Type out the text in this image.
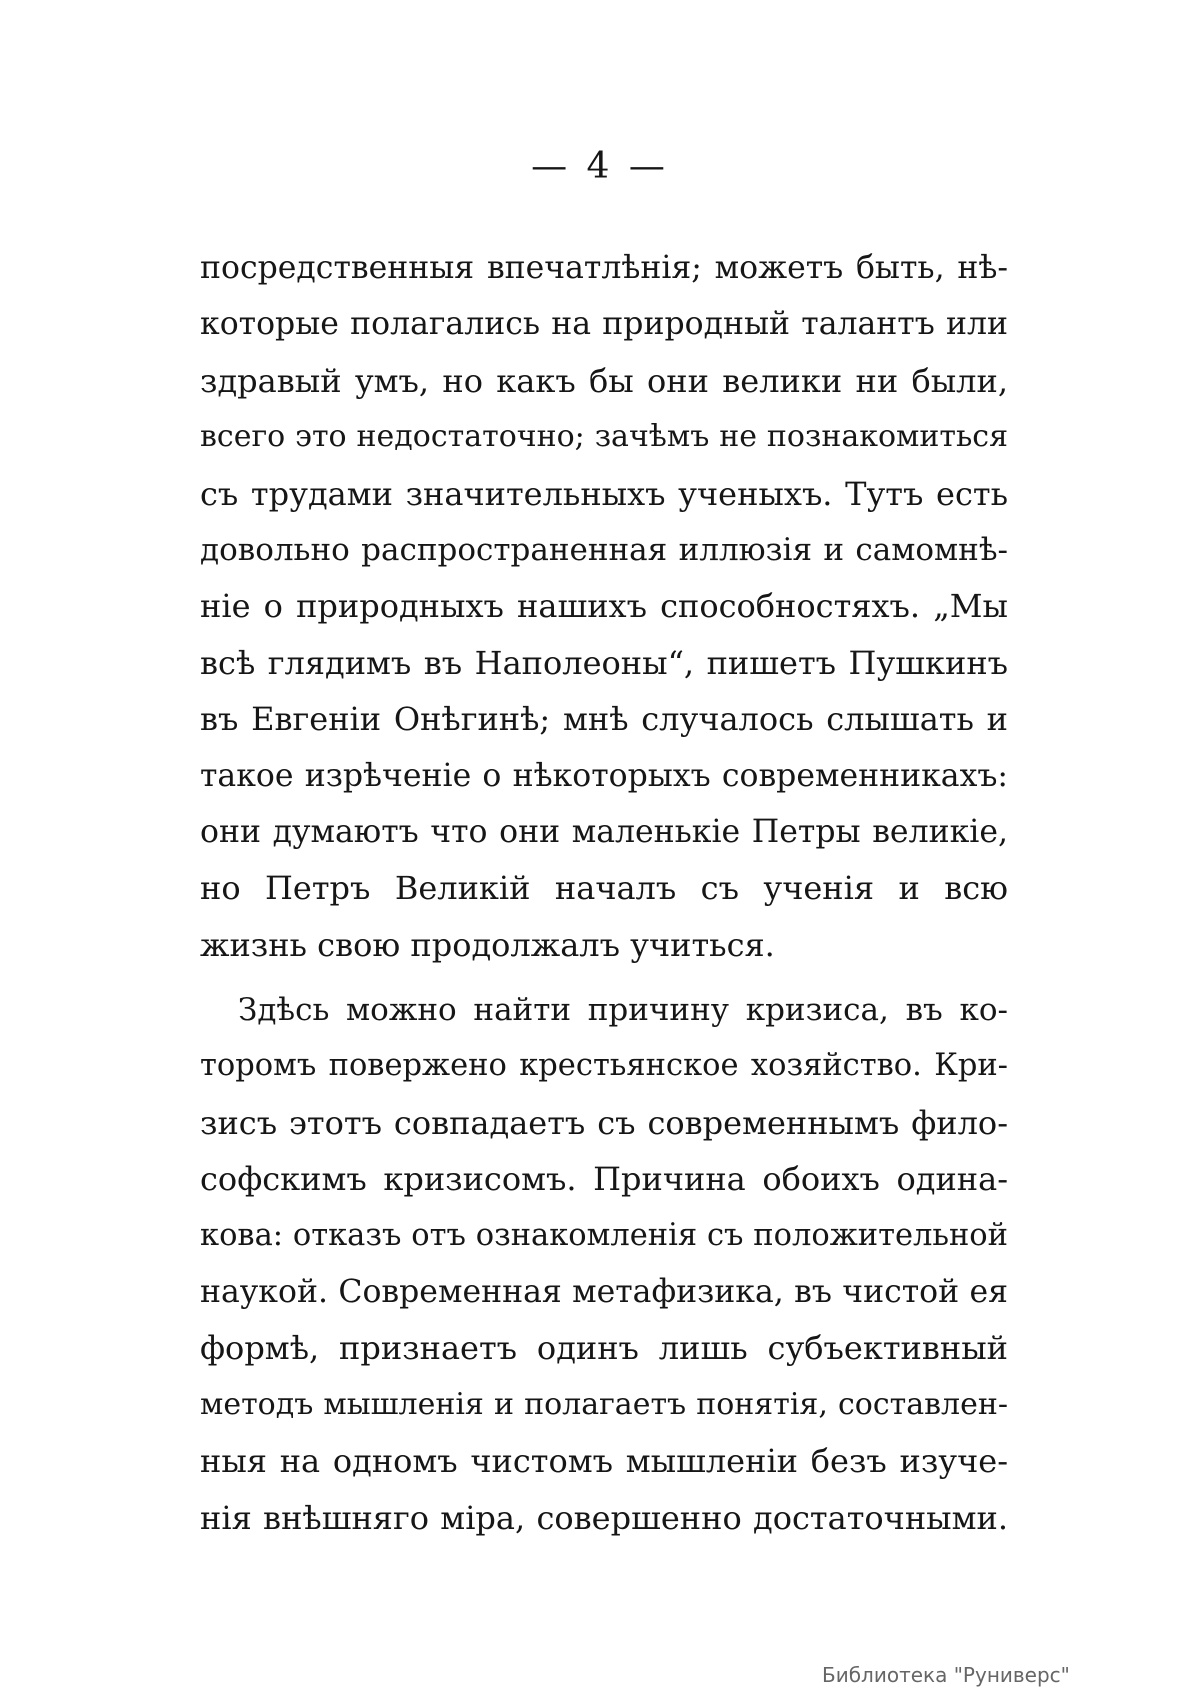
— 4 —
посредственныя впечатлѣнія; можетъ быть, нѣ-
которые полагались на природный талантъ или
здравый умъ, но какъ бы они велики ни были,
всего это недостаточно; зачѣмъ не познакомиться
съ трудами значительныхъ ученыхъ. Тутъ есть
довольно распространенная иллюзія и самомнѣ-
ніе о природныхъ нашихъ способностяхъ. „Мы
всѣ глядимъ въ Наполеоны“, пишетъ Пушкинъ
въ Евгеніи Онѣгинѣ; мнѣ случалось слышать и
такое изрѣченіе о нѣкоторыхъ современникахъ:
они думаютъ что они маленькіе Петры великіе,
но Петръ Великій началъ съ ученія и всю
жизнь свою продолжалъ учиться.
Здѣсь можно найти причину кризиса, въ ко-
торомъ повержено крестьянское хозяйство. Кри-
зисъ этотъ совпадаетъ съ современнымъ фило-
софскимъ кризисомъ. Причина обоихъ одина-
кова: отказъ отъ ознакомленія съ положительной
наукой. Современная метафизика, въ чистой ея
формѣ, признаетъ одинъ лишь субъективный
методъ мышленія и полагаетъ понятія, составлен-
ныя на одномъ чистомъ мышленіи безъ изуче-
нія внѣшняго міра, совершенно достаточными.
Библиотека "Руниверс"
